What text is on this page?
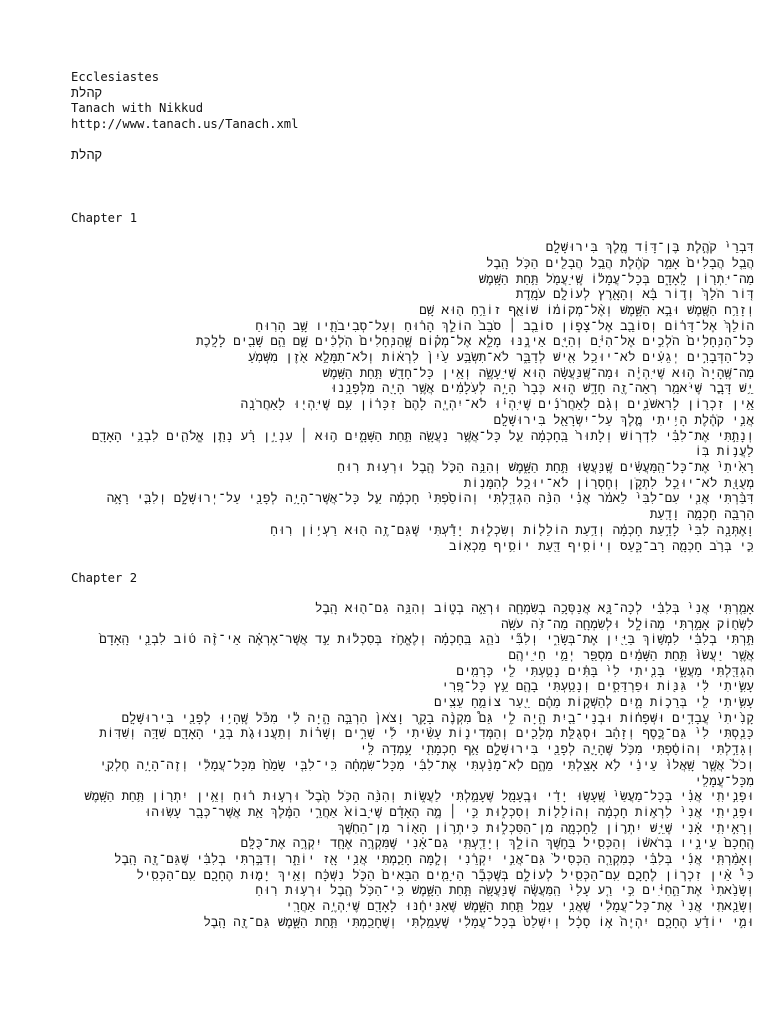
Ecclesiastes
קהלת
Tanach with Nikkud
http://www.tanach.us/Tanach.xml
קהלת
Chapter 1
דִּבְרֵי֙ קֹהֶ֣לֶת בֶּן־דָּוִ֔ד מֶ֖לֶךְ בִּירוּשָׁלִָֽם
הֲבֵ֤ל הֲבָלִים֙ אָמַ֣ר קֹהֶ֔לֶת הֲבֵ֥ל הֲבָלִ֖ים הַכֹּ֥ל הָֽבֶל
מַה־יִּתְר֖וֹן לָֽאָדָ֑ם בְּכָל־עֲמָל֔וֹ שֶֽׁיַּעֲמֹ֖ל תַּ֥חַת הַשָּֽׁמֶשׁ
דּ֤וֹר הֹלֵךְ֙ וְד֣וֹר בָּ֔א וְהָאָ֖רֶץ לְעוֹלָ֥ם עֹמָֽדֶת
וְזָרַ֥ח הַשֶּׁ֖מֶשׁ וּבָ֣א הַשָּׁ֑מֶשׁ וְאֶ֨ל־מְקוֹמ֔וֹ שׁוֹאֵ֛ף זוֹרֵ֥חַ ה֖וּא שָֽׁם
הוֹלֵךְ֙ אֶל־דָּר֔וֹם וְסוֹבֵ֖ב אֶל־צָפ֑וֹן סוֹבֵ֤ב ׀ סֹבֵב֙ הוֹלֵ֣ךְ הָר֔וּחַ וְעַל־סְבִיבֹתָ֖יו שָׁ֥ב הָרֽוּחַ
כָּל־הַנְּחָלִים֙ הֹלְכִ֣ים אֶל־הַיָּ֔ם וְהַיָּ֖ם אֵינֶ֣נּוּ מָלֵ֑א אֶל־מְק֗וֹם שֶׁ֤הַנְּחָלִים֙ הֹֽלְכִ֔ים שָׁ֛ם הֵ֥ם שָׁבִ֖ים לָלָֽכֶת
כָּל־הַדְּבָרִ֣ים יְגֵעִ֔ים לֹא־יוּכַ֥ל אִ֖ישׁ לְדַבֵּ֑ר לֹא־תִשְׂבַּ֥ע עַ֙יִן֙ לִרְא֔וֹת וְלֹא־תִמָּלֵ֥א אֹ֖זֶן מִשְּׁמֹֽעַ
מַה־שֶּֽׁהָיָה֙ ה֣וּא שֶׁיִּהְיֶ֔ה וּמַה־שֶּֽׁנַּעֲשָׂ֔ה ה֖וּא שֶׁיֵּעָשֶׂ֑ה וְאֵ֥ין כָּל־חָדָ֖שׁ תַּ֥חַת הַשָּֽׁמֶשׁ
יֵ֥שׁ דָּבָ֛ר שֶׁיֹּאמַ֥ר רְאֵה־זֶ֖ה חָדָ֣שׁ ה֑וּא כְּבָר֙ הָיָ֣ה לְעֹֽלָמִ֔ים אֲשֶׁ֥ר הָיָ֖ה מִלְּפָנֵֽנוּ
אֵ֥ין זִכְר֖וֹן לָרִאשֹׁנִ֑ים וְגַ֨ם לָאַחֲרֹנִ֜ים שֶׁיִּהְי֗וּ לֹא־יִהְיֶ֤ה לָהֶם֙ זִכָּר֔וֹן עִ֥ם שֶׁיִּהְי֖וּ לָאַחֲרֹנָֽה
אֲנִ֣י קֹהֶ֔לֶת הָיִ֥יתִי מֶ֛לֶךְ עַל־יִשְׂרָאֵ֖ל בִּירוּשָׁלִָֽם
וְנָתַ֣תִּי אֶת־לִבִּ֗י לִדְר֤וֹשׁ וְלָתוּר֙ בַּֽחָכְמָ֔ה עַ֛ל כָּל־אֲשֶׁ֥ר נַעֲשָׂ֖ה תַּ֣חַת הַשָּׁמָ֑יִם ה֣וּא ׀ עִנְיַ֣ן רָ֗ע נָתַ֧ן אֱלֹהִ֛ים לִבְנֵ֥י הָאָדָ֖ם לַעֲנ֥וֹת בּֽוֹ
רָאִ֙יתִי֙ אֶת־כָּל־הַֽמַּעֲשִׂ֔ים שֶֽׁנַּעֲשׂ֖וּ תַּ֣חַת הַשָּׁ֑מֶשׁ וְהִנֵּ֥ה הַכֹּ֛ל הֶ֖בֶל וּרְע֥וּת רֽוּחַ
מְעֻוָּ֖ת לֹא־יוּכַ֣ל לִתְקֹ֑ן וְחֶסְר֖וֹן לֹא־יוּכַ֥ל לְהִמָּנֽוֹת
דִּבַּ֨רְתִּי אֲנִ֤י עִם־לִבִּי֙ לֵאמֹ֔ר אֲנִ֗י הִנֵּ֨ה הִגְדַּ֤לְתִּי וְהוֹסַ֙פְתִּי֙ חָכְמָ֔ה עַ֛ל כָּל־אֲשֶׁר־הָיָ֥ה לְפָנַ֖י עַל־יְרוּשָׁלִָ֑ם וְלִבִּ֛י רָאָ֥ה הַרְבֵּ֖ה חָכְמָ֥ה וָדָֽעַת
וָאֶתְּנָ֤ה לִבִּי֙ לָדַ֣עַת חָכְמָ֔ה וְדַ֥עַת הוֹלֵל֖וֹת וְשִׂכְל֑וּת יָדַ֕עְתִּי שֶׁגַּם־זֶ֥ה ה֖וּא רַעְי֥וֹן רֽוּחַ
כִּ֛י בְּרֹ֥ב חָכְמָ֖ה רָב־כָּ֑עַס וְיוֹסִ֥יף דַּ֖עַת יוֹסִ֥יף מַכְאֽוֹב
Chapter 2
אָמַ֤רְתִּֽי אֲנִי֙ בְּלִבִּ֔י לְכָה־נָּ֛א אֲנַסְּכָ֥ה בְשִׂמְחָ֖ה וּרְאֵ֣ה בְט֑וֹב וְהִנֵּ֥ה גַם־ה֖וּא הָֽבֶל
לִשְׂח֖וֹק אָמַ֣רְתִּי מְהוֹלָ֑ל וּלְשִׂמְחָ֖ה מַה־זֹּ֥ה עֹשָֽׂה
תַּ֣רְתִּי בְלִבִּ֔י לִמְשׁ֥וֹךְ בַּיַּ֖יִן אֶת־בְּשָׂרִ֑י וְלִבִּ֞י נֹהֵ֣ג בַּֽחָכְמָ֗ה וְלֶאֱחֹ֣ז בְּסִכְל֔וּת עַ֣ד אֲשֶׁר־אֶרְאֶ֗ה אֵי־זֶ֨ה ט֜וֹב לִבְנֵ֤י הָֽאָדָם֙ אֲשֶׁ֤ר יַעֲשׂוּ֙ תַּ֣חַת הַשָּׁמַ֔יִם מִסְפַּ֖ר יְמֵ֥י חַיֵּיהֶֽם
הִגְדַּ֖לְתִּי מַעֲשָׂ֑י בָּנִ֤יתִי לִי֙ בָּתִּ֔ים נָטַ֥עְתִּי לִ֖י כְּרָמִֽים
עָשִׂ֣יתִי לִ֔י גַּנּ֖וֹת וּפַרְדֵּסִ֑ים וְנָטַ֥עְתִּי בָהֶ֖ם עֵ֥ץ כָּל־פֶּֽרִי
עָשִׂ֥יתִי לִ֖י בְּרֵכ֣וֹת מָ֑יִם לְהַשְׁק֣וֹת מֵהֶ֔ם יַ֖עַר צוֹמֵ֥חַ עֵצִֽים
קָנִ֙יתִי֙ עֲבָדִ֣ים וּשְׁפָח֔וֹת וּבְנֵי־בַ֖יִת הָ֣יָה לִ֑י גַּם֩ מִקְנֶ֨ה בָקָ֤ר וָצֹאן֙ הַרְבֵּ֣ה הָ֣יָה לִ֔י מִכֹּ֕ל שֶֽׁהָי֥וּ לְפָנַ֖י בִּירוּשָׁלִָֽם
כָּנַ֤סְתִּי לִי֙ גַּם־כֶּ֣סֶף וְזָהָ֔ב וּסְגֻלַּ֥ת מְלָכִ֖ים וְהַמְּדִינ֑וֹת עָשִׂ֨יתִי לִ֜י שָׁרִ֣ים וְשָׁר֗וֹת וְתַעֲנוּגֹ֛ת בְּנֵ֥י הָאָדָ֖ם שִׁדָּ֥ה וְשִׁדּֽוֹת
וְגָדַ֣לְתִּי וְהוֹסַ֔פְתִּי מִכֹּ֥ל שֶׁהָיָ֛ה לְפָנַ֖י בִּירוּשָׁלִָ֑ם אַ֥ף חָכְמָתִ֖י עָ֥מְדָה לִּֽי
וְכֹל֙ אֲשֶׁ֤ר שָֽׁאֲלוּ֙ עֵינַ֔י לֹ֥א אָצַ֖לְתִּי מֵהֶ֑ם לֹֽא־מָנַ֨עְתִּי אֶת־לִבִּ֜י מִכָּל־שִׂמְחָ֗ה כִּֽי־לִבִּ֤י שָׂמֵ֙חַ֙ מִכָּל־עֲמָלִ֔י וְזֶה־הָיָ֥ה חֶלְקִ֖י מִכָּל־עֲמָלִֽי
וּפָנִ֣יתִֽי אֲנִ֗י בְּכָל־מַעֲשַׂי֙ שֶֽׁעָשׂ֣וּ יָדַ֔י וּבֶֽעָמָ֖ל שֶׁעָמַ֣לְתִּי לַעֲשׂ֑וֹת וְהִנֵּ֨ה הַכֹּ֥ל הֶ֙בֶל֙ וּרְע֣וּת ר֔וּחַ וְאֵ֥ין יִתְר֖וֹן תַּ֥חַת הַשָּֽׁמֶשׁ
וּפָנִ֤יתִֽי אֲנִי֙ לִרְא֣וֹת חָכְמָ֔ה וְהוֹלֵל֖וֹת וְסִכְל֑וּת כִּ֣י ׀ מֶ֣ה הָאָדָ֗ם שֶׁיָּבוֹא֙ אַחֲרֵ֣י הַמֶּ֔לֶךְ אֵ֥ת אֲשֶׁר־כְּבָ֖ר עָשֽׂוּהוּ
וְרָאִ֣יתִֽי אָ֔נִי שֶׁיֵּ֥שׁ יִתְר֛וֹן לַֽחָכְמָ֖ה מִן־הַסִּכְל֑וּת כִּיתְר֥וֹן הָא֖וֹר מִן־הַחֹֽשֶׁךְ
הֶֽחָכָם֙ עֵינָ֣יו בְּרֹאשׁ֔וֹ וְהַכְּסִ֖יל בַּחֹ֣שֶׁךְ הוֹלֵ֑ךְ וְיָדַ֤עְתִּֽי גַם־אָ֔נִי שֶׁמִּקְרֶ֥ה אֶחָ֖ד יִקְרֶ֥ה אֶת־כֻּלָּֽם
וְאָמַ֨רְתִּֽי אֲנִ֜י בְּלִבִּ֗י כְּמִקְרֵ֤ה הַכְּסִיל֙ גַּם־אֲנִ֣י יִקְרֵ֔נִי וְלָ֧מָּה חָכַ֛מְתִּי אֲנִ֥י אָ֖ז יוֹתֵ֑ר וְדִבַּ֣רְתִּי בְלִבִּ֔י שֶׁגַּם־זֶ֖ה הָֽבֶל
כִּי֩ אֵ֨ין זִכְר֧וֹן לֶחָכָ֛ם עִֽם־הַכְּסִ֖יל לְעוֹלָ֑ם בְּשֶׁכְּבָ֞ר הַיָּמִ֤ים הַבָּאִים֙ הַכֹּ֣ל נִשְׁכָּ֔ח וְאֵ֥יךְ יָמ֛וּת הֶחָכָ֖ם עִֽם־הַכְּסִֽיל
וְשָׂנֵ֙אתִי֙ אֶת־הַ֣חַיִּ֔ים כִּ֣י רַ֤ע עָלַי֙ הַֽמַּעֲשֶׂ֔ה שֶׁנַּעֲשָׂ֖ה תַּ֣חַת הַשָּׁ֑מֶשׁ כִּֽי־הַכֹּ֥ל הֶ֖בֶל וּרְע֥וּת רֽוּחַ
וְשָׂנֵ֤אתִֽי אֲנִי֙ אֶת־כָּל־עֲמָלִ֔י שֶׁאֲנִ֥י עָמֵ֖ל תַּ֣חַת הַשָּׁ֑מֶשׁ שֶׁאַנִּיחֶ֔נּוּ לָאָדָ֖ם שֶׁיִּהְיֶ֥ה אַחֲרָֽי
וּמִ֣י יוֹדֵ֗עַ הֶחָכָ֤ם יִהְיֶה֙ א֣וֹ סָכָ֔ל וְיִשְׁלַט֙ בְּכָל־עֲמָלִ֔י שֶׁעָמַ֥לְתִּי וְשֶׁחָכַ֖מְתִּי תַּ֣חַת הַשָּׁ֑מֶשׁ גַּם־זֶ֖ה הָֽבֶל
